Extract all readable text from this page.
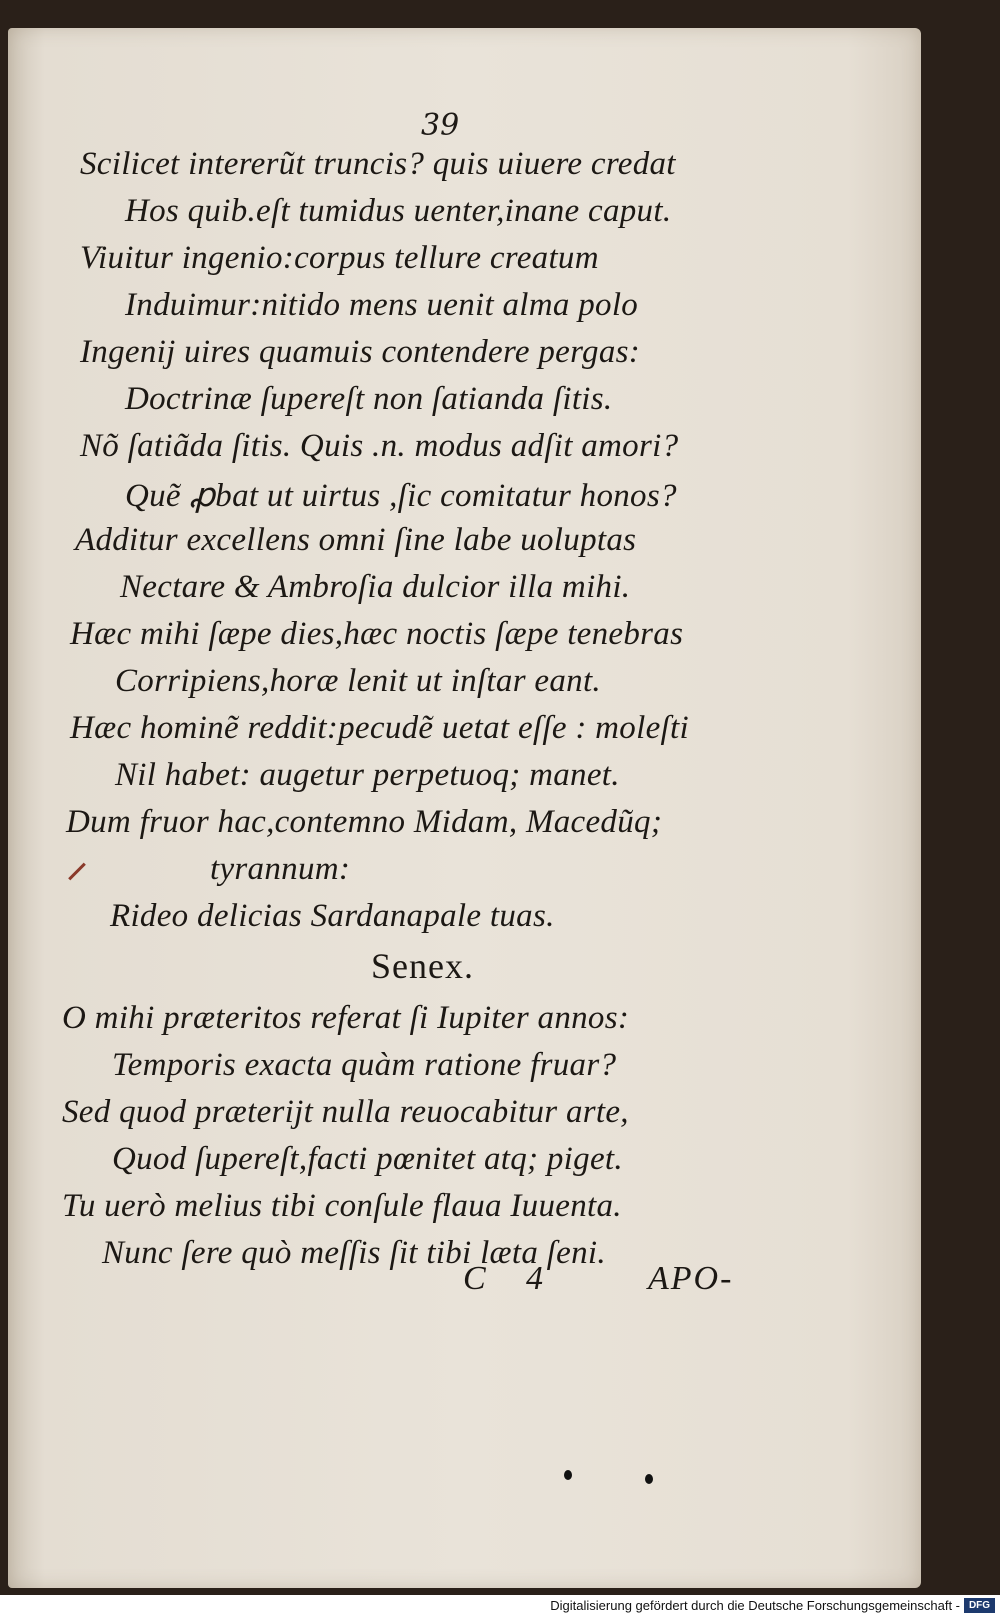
39
Scilicet intererũt truncis? quis uiuere credat
Hos quib.eſt tumidus uenter,inane caput.
Viuitur ingenio:corpus tellure creatum
Induimur:nitido mens uenit alma polo
Ingenij uires quamuis contendere pergas:
Doctrinæ ſupereſt non ſatianda ſitis.
Nõ ſatiãda ſitis. Quis .n. modus adſit amori?
Quẽ ꝓbat ut uirtus ,ſic comitatur honos?
Additur excellens omni ſine labe uoluptas
Nectare & Ambroſia dulcior illa mihi.
Hæc mihi ſæpe dies,hæc noctis ſæpe tenebras
Corripiens,horæ lenit ut inſtar eant.
Hæc hominẽ reddit:pecudẽ uetat eſſe : moleſti
Nil habet: augetur perpetuoq; manet.
Dum fruor hac,contemno Midam, Macedũq;
tyrannum:
Rideo delicias Sardanapale tuas.
Senex.
O mihi præteritos referat ſi Iupiter annos:
Temporis exacta quàm ratione fruar?
Sed quod præterijt nulla reuocabitur arte,
Quod ſupereſt,facti pœnitet atq; piget.
Tu uerò melius tibi conſule flaua Iuuenta.
Nunc ſere quò meſſis ſit tibi læta ſeni.
C 4	APO-
Digitalisierung gefördert durch die Deutsche Forschungsgemeinschaft - DFG
